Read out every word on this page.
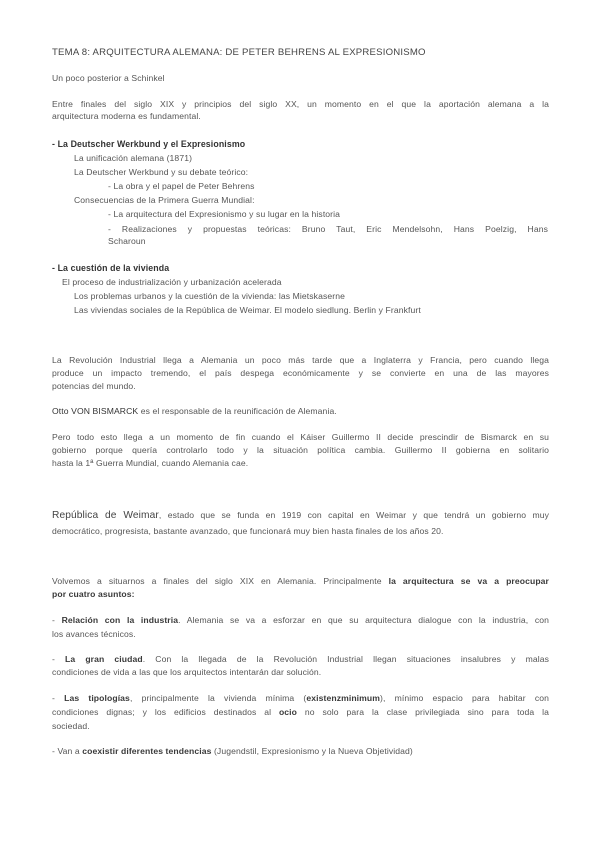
TEMA 8: ARQUITECTURA ALEMANA: DE PETER BEHRENS AL EXPRESIONISMO
Un poco posterior a Schinkel
Entre finales del siglo XIX y principios del siglo XX, un momento en el que la aportación alemana a la
arquitectura moderna es fundamental.
- La Deutscher Werkbund y el Expresionismo
La unificación alemana (1871)
La Deutscher Werkbund y su debate teórico:
- La obra y el papel de Peter Behrens
Consecuencias de la Primera Guerra Mundial:
- La arquitectura del Expresionismo y su lugar en la historia
- Realizaciones y propuestas teóricas: Bruno Taut, Eric Mendelsohn, Hans Poelzig, Hans
Scharoun
- La cuestión de la vivienda
El proceso de industrialización y urbanización acelerada
Los problemas urbanos y la cuestión de la vivienda: las Mietskaserne
Las viviendas sociales de la República de Weimar. El modelo siedlung. Berlin y Frankfurt
La Revolución Industrial llega a Alemania un poco más tarde que a Inglaterra y Francia, pero cuando llega
produce un impacto tremendo, el país despega económicamente y se convierte en una de las mayores
potencias del mundo.
Otto VON BISMARCK es el responsable de la reunificación de Alemania.
Pero todo esto llega a un momento de fin cuando el Káiser Guillermo II decide prescindir de Bismarck en su
gobierno porque quería controlarlo todo y la situación política cambia. Guillermo II gobierna en solitario
hasta la 1ª Guerra Mundial, cuando Alemania cae.
República de Weimar, estado que se funda en 1919 con capital en Weimar y que tendrá un gobierno muy
democrático, progresista, bastante avanzado, que funcionará muy bien hasta finales de los años 20.
Volvemos a situarnos a finales del siglo XIX en Alemania. Principalmente la arquitectura se va a preocupar
por cuatro asuntos:
- Relación con la industria. Alemania se va a esforzar en que su arquitectura dialogue con la industria, con
los avances técnicos.
- La gran ciudad. Con la llegada de la Revolución Industrial llegan situaciones insalubres y malas
condiciones de vida a las que los arquitectos intentarán dar solución.
- Las tipologías, principalmente la vivienda mínima (existenzminimum), mínimo espacio para habitar con
condiciones dignas; y los edificios destinados al ocio no solo para la clase privilegiada sino para toda la
sociedad.
- Van a coexistir diferentes tendencias (Jugendstil, Expresionismo y la Nueva Objetividad)
